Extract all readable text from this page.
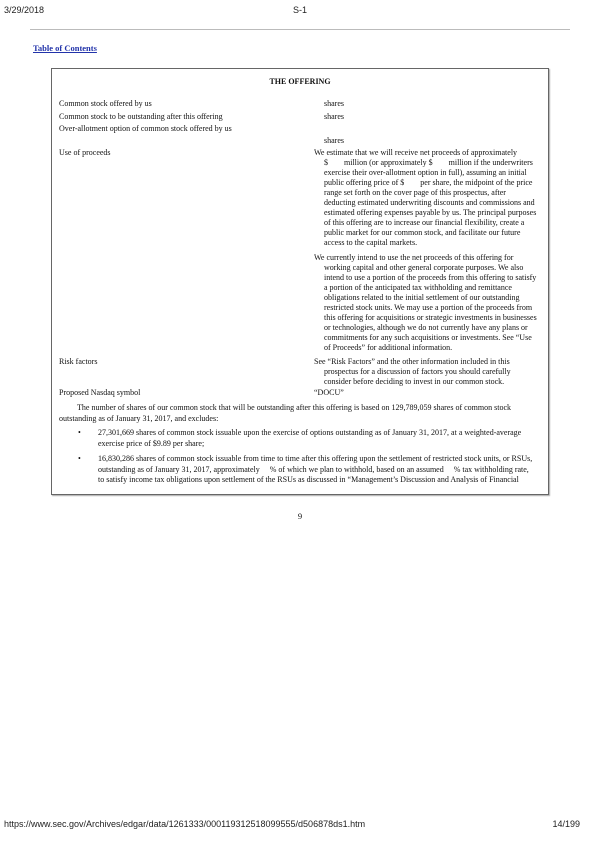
3/29/2018	S-1
Table of Contents
THE OFFERING
Common stock offered by us	shares
Common stock to be outstanding after this offering	shares
Over-allotment option of common stock offered by us
shares
Use of proceeds	We estimate that we will receive net proceeds of approximately
$        million (or approximately $        million if the underwriters
exercise their over-allotment option in full), assuming an initial
public offering price of $        per share, the midpoint of the price
range set forth on the cover page of this prospectus, after
deducting estimated underwriting discounts and commissions and
estimated offering expenses payable by us. The principal purposes
of this offering are to increase our financial flexibility, create a
public market for our common stock, and facilitate our future
access to the capital markets.
We currently intend to use the net proceeds of this offering for
working capital and other general corporate purposes. We also
intend to use a portion of the proceeds from this offering to satisfy
a portion of the anticipated tax withholding and remittance
obligations related to the initial settlement of our outstanding
restricted stock units. We may use a portion of the proceeds from
this offering for acquisitions or strategic investments in businesses
or technologies, although we do not currently have any plans or
commitments for any such acquisitions or investments. See “Use
of Proceeds” for additional information.
Risk factors	See “Risk Factors” and the other information included in this
prospectus for a discussion of factors you should carefully
consider before deciding to invest in our common stock.
Proposed Nasdaq symbol	“DOCU”
The number of shares of our common stock that will be outstanding after this offering is based on 129,789,059 shares of common stock outstanding as of January 31, 2017, and excludes:
• 27,301,669 shares of common stock issuable upon the exercise of options outstanding as of January 31, 2017, at a weighted-average
exercise price of $9.89 per share;
• 16,830,286 shares of common stock issuable from time to time after this offering upon the settlement of restricted stock units, or RSUs,
outstanding as of January 31, 2017, approximately     % of which we plan to withhold, based on an assumed     % tax withholding rate,
to satisfy income tax obligations upon settlement of the RSUs as discussed in “Management’s Discussion and Analysis of Financial
9
https://www.sec.gov/Archives/edgar/data/1261333/000119312518099555/d506878ds1.htm	14/199
